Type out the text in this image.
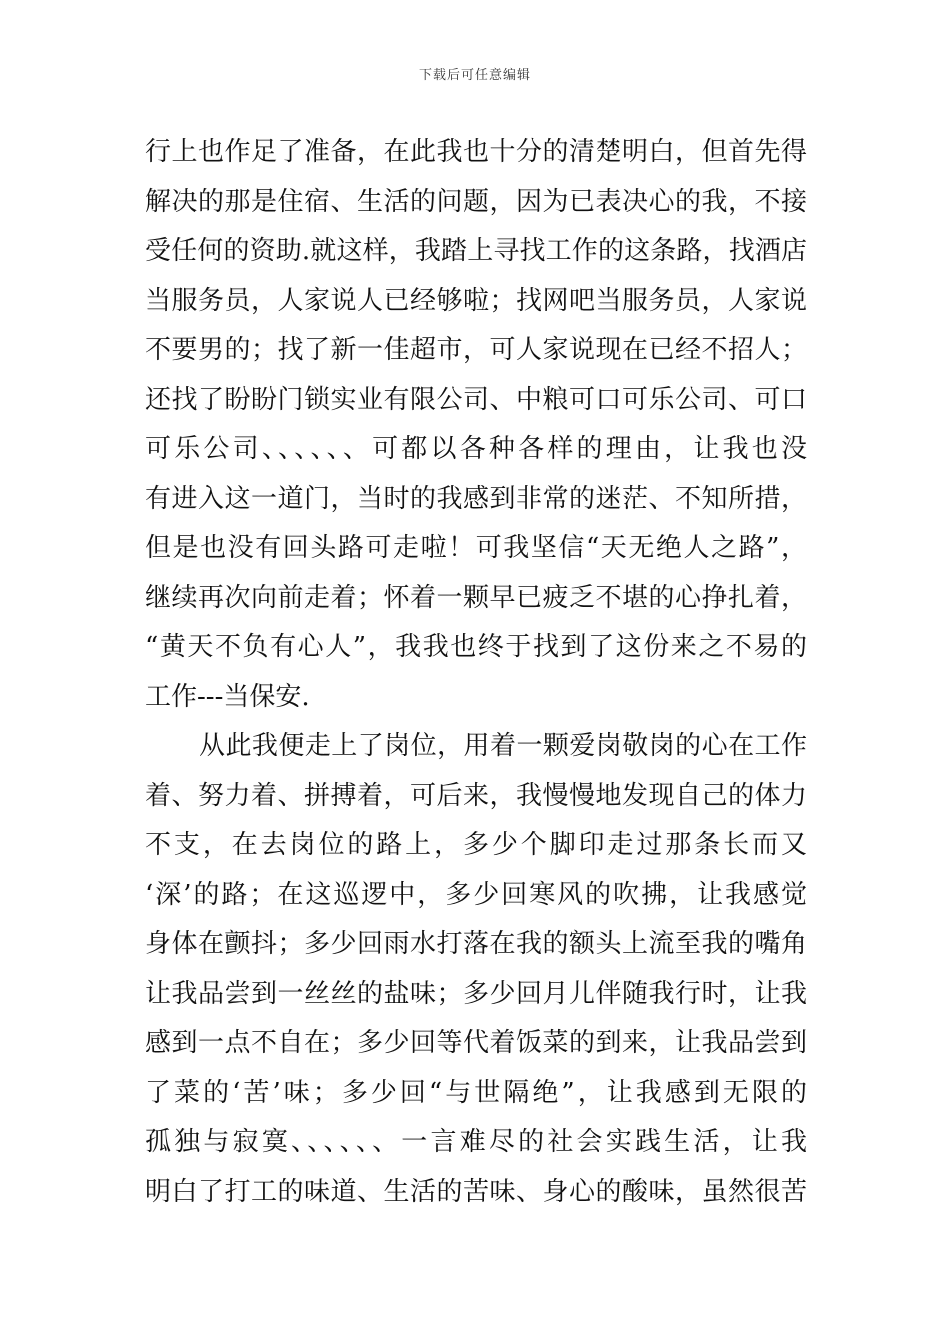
下载后可任意编辑
行上也作足了准备，在此我也十分的清楚明白，但首先得
解决的那是住宿、生活的问题，因为已表决心的我，不接
受任何的资助.就这样，我踏上寻找工作的这条路，找酒店
当服务员，人家说人已经够啦；找网吧当服务员，人家说
不要男的；找了新一佳超市，可人家说现在已经不招人；
还找了盼盼门锁实业有限公司、中粮可口可乐公司、可口
可乐公司、、、、、、可都以各种各样的理由，让我也没
有进入这一道门，当时的我感到非常的迷茫、不知所措，
但是也没有回头路可走啦！可我坚信“天无绝人之路”，
继续再次向前走着；怀着一颗早已疲乏不堪的心挣扎着，
“黄天不负有心人”，我我也终于找到了这份来之不易的
工作---当保安.
从此我便走上了岗位，用着一颗爱岗敬岗的心在工作
着、努力着、拼搏着，可后来，我慢慢地发现自己的体力
不支，在去岗位的路上，多少个脚印走过那条长而又
‘深’的路；在这巡逻中，多少回寒风的吹拂，让我感觉
身体在颤抖；多少回雨水打落在我的额头上流至我的嘴角
让我品尝到一丝丝的盐味；多少回月儿伴随我行时，让我
感到一点不自在；多少回等代着饭菜的到来，让我品尝到
了菜的‘苦’味；多少回“与世隔绝”，让我感到无限的
孤独与寂寞、、、、、、一言难尽的社会实践生活，让我
明白了打工的味道、生活的苦味、身心的酸味，虽然很苦
